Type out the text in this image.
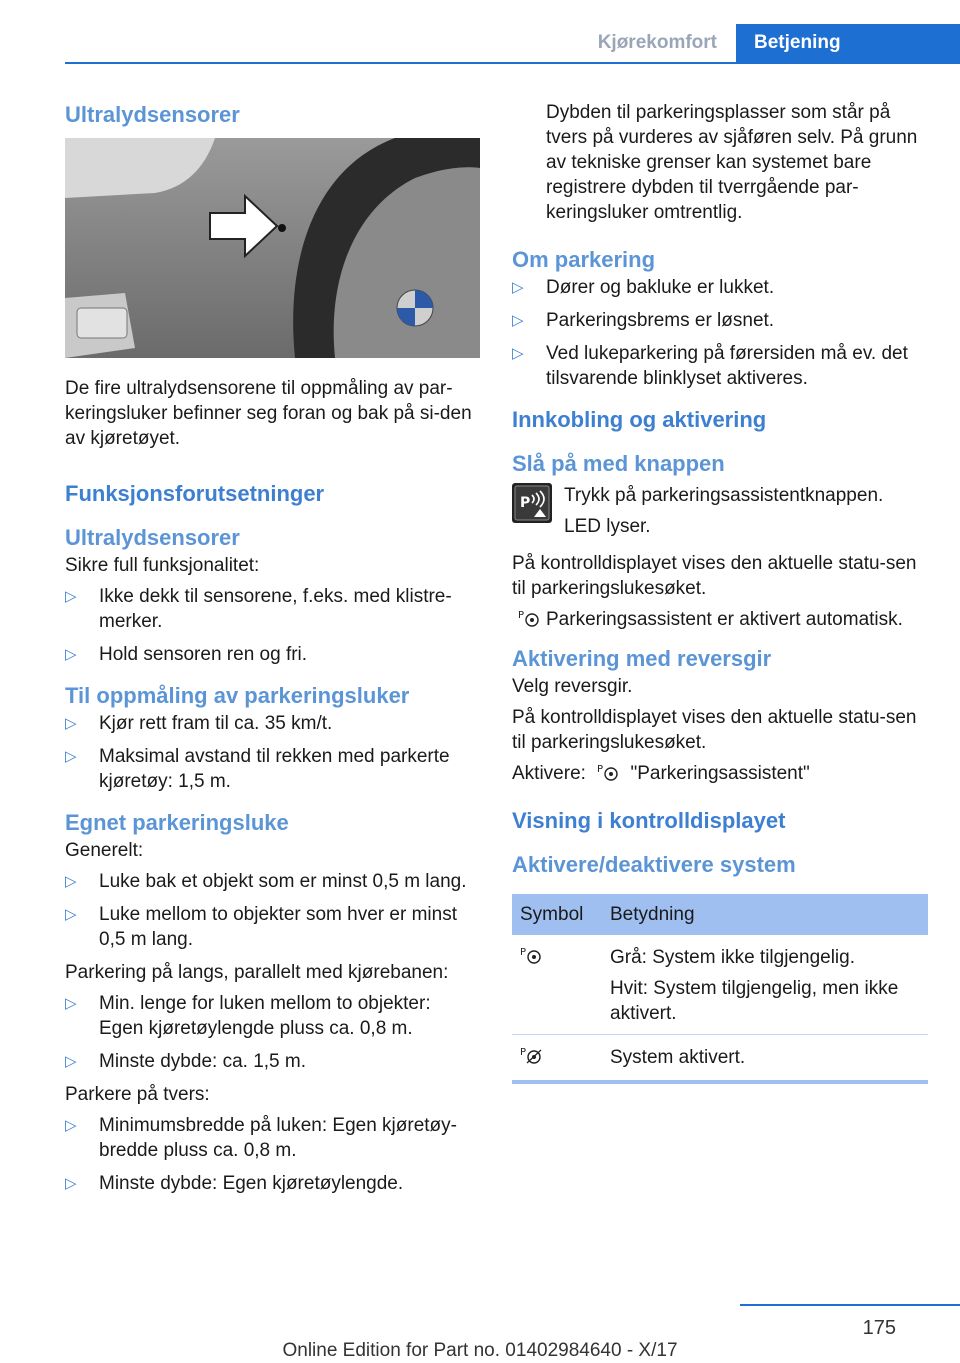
Kjørekomfort	Betjening
Ultralydsensorer

De fire ultralydsensorene til oppmåling av par-keringsluker befinner seg foran og bak på si-den av kjøretøyet.

Funksjonsforutsetninger
Ultralydsensorer

Sikre full funksjonalitet:

▷ Ikke dekk til sensorene, f.eks. med klistre-merker.
▷ Hold sensoren ren og fri.
Til oppmåling av parkeringsluker
▷ Kjør rett fram til ca. 35 km/t.
▷ Maksimal avstand til rekken med parkerte kjøretøy: 1,5 m.
Egnet parkeringsluke

Generelt:

▷ Luke bak et objekt som er minst 0,5 m lang.
▷ Luke mellom to objekter som hver er minst 0,5 m lang.

Parkering på langs, parallelt med kjørebanen:

▷ Min. lenge for luken mellom to objekter: Egen kjøretøylengde pluss ca. 0,8 m.
▷ Minste dybde: ca. 1,5 m.

Parkere på tvers:

▷ Minimumsbredde på luken: Egen kjøretøy-bredde pluss ca. 0,8 m.
▷ Minste dybde: Egen kjøretøylengde.

Dybden til parkeringsplasser som står på tvers på vurderes av sjåføren selv. På grunn av tekniske grenser kan systemet bare registrere dybden til tverrgående par-keringsluker omtrentlig.

Om parkering
▷ Dører og bakluke er lukket.
▷ Parkeringsbrems er løsnet.
▷ Ved lukeparkering på førersiden må ev. det tilsvarende blinklyset aktiveres.
Innkobling og aktivering
Slå på med knappen
P Trykk på parkeringsassistentknappen.

LED lyser.

På kontrolldisplayet vises den aktuelle statu-sen til parkeringslukesøket.

P Parkeringsassistent er aktivert automatisk.

Aktivering med reversgir

Velg reversgir.

På kontrolldisplayet vises den aktuelle statu-sen til parkeringslukesøket.

Aktivere: P "Parkeringsassistent"

Visning i kontrolldisplayet
Aktivere/deaktivere system
Symbol	Betydning

P	Grå: System ikke tilgjengelig.

Hvit: System tilgjengelig, men ikke aktivert.

P	System aktivert.

175
Online Edition for Part no. 01402984640 - X/17
